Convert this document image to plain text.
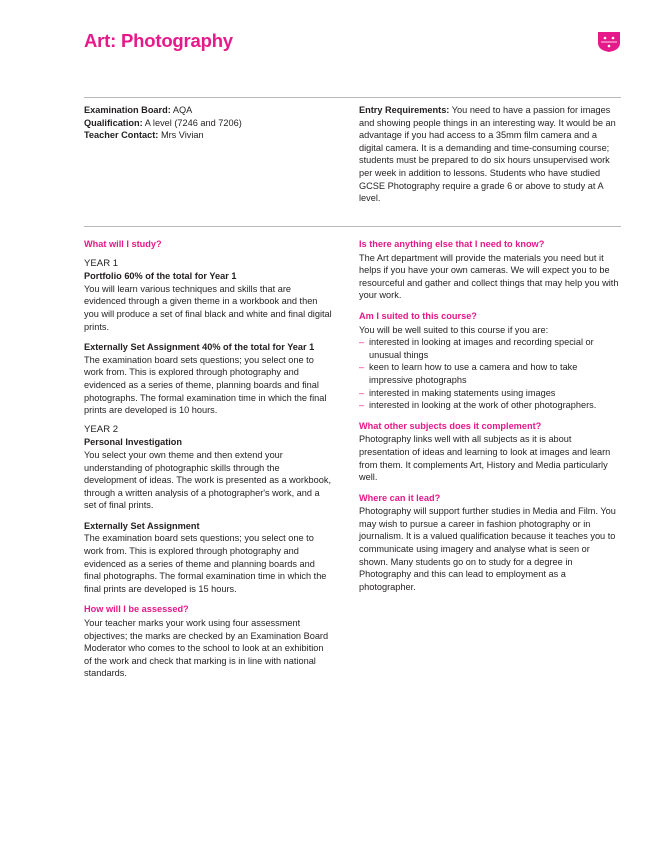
Art: Photography
Examination Board: AQA
Qualification: A level (7246 and 7206)
Teacher Contact: Mrs Vivian
Entry Requirements: You need to have a passion for images and showing people things in an interesting way. It would be an advantage if you had access to a 35mm film camera and a digital camera. It is a demanding and time-consuming course; students must be prepared to do six hours unsupervised work per week in addition to lessons. Students who have studied GCSE Photography require a grade 6 or above to study at A level.
What will I study?
YEAR 1
Portfolio 60% of the total for Year 1

You will learn various techniques and skills that are evidenced through a given theme in a workbook and then you will produce a set of final black and white and final digital prints.

Externally Set Assignment 40% of the total for Year 1

The examination board sets questions; you select one to work from. This is explored through photography and evidenced as a series of theme, planning boards and final photographs. The formal examination time in which the final prints are developed is 10 hours.

YEAR 2
Personal Investigation

You select your own theme and then extend your understanding of photographic skills through the development of ideas. The work is presented as a workbook, through a written analysis of a photographer's work, and a set of final prints.

Externally Set Assignment

The examination board sets questions; you select one to work from. This is explored through photography and evidenced as a series of theme and planning boards and final photographs. The formal examination time in which the final prints are developed is 15 hours.

How will I be assessed?

Your teacher marks your work using four assessment objectives; the marks are checked by an Examination Board Moderator who comes to the school to look at an exhibition of the work and check that marking is in line with national standards.

Is there anything else that I need to know?

The Art department will provide the materials you need but it helps if you have your own cameras. We will expect you to be resourceful and gather and collect things that may help you with your work.

Am I suited to this course?

You will be well suited to this course if you are:

– interested in looking at images and recording special or unusual things
– keen to learn how to use a camera and how to take impressive photographs
– interested in making statements using images
– interested in looking at the work of other photographers.
What other subjects does it complement?

Photography links well with all subjects as it is about presentation of ideas and learning to look at images and learn from them. It complements Art, History and Media particularly well.

Where can it lead?

Photography will support further studies in Media and Film. You may wish to pursue a career in fashion photography or in journalism. It is a valued qualification because it teaches you to communicate using imagery and analyse what is seen or shown. Many students go on to study for a degree in Photography and this can lead to employment as a photographer.
